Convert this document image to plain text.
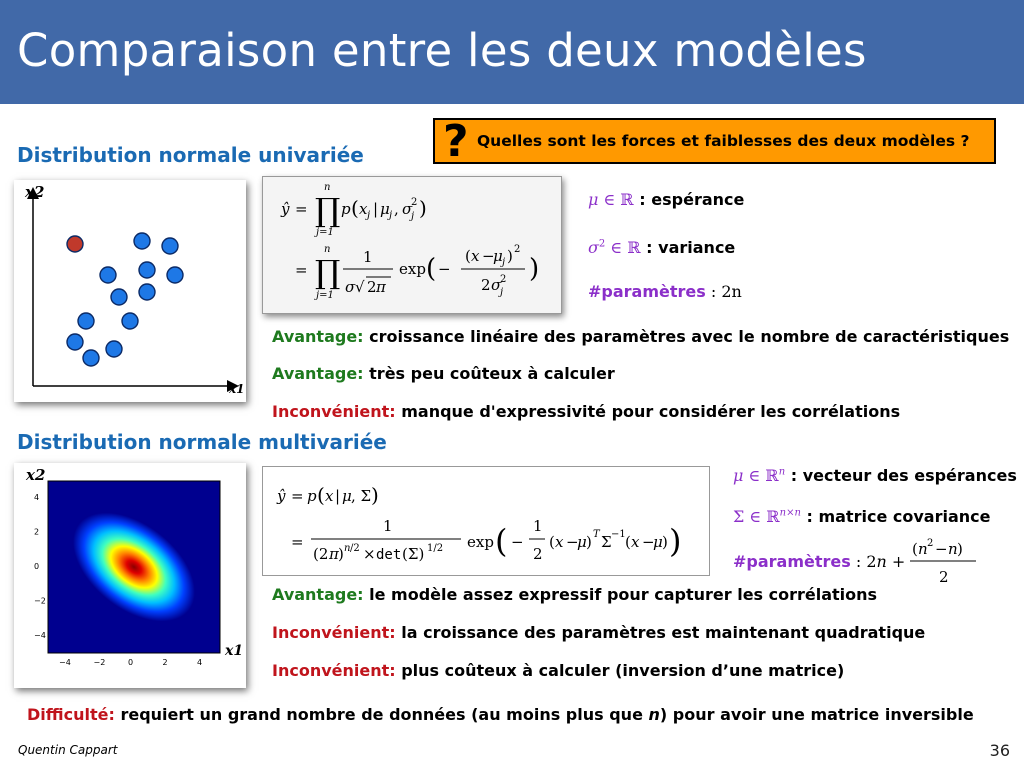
Comparaison entre les deux modèles
Distribution normale univariée ? Quelles sont les forces et faiblesses des deux modèles ?
x2
x1
ŷ = ∏
n
j=1
p ( x j | μ j , σ
2
j )
= ∏
n
j=1
1
σ √ 2 π
exp ( −
( x −
μ j ) 2
2 σ
2
j
)
μ ∈ ℝ : espérance
$\sigma^2$ ∈ ℝ : variance
#paramètres : 2n
Avantage: croissance linéaire des paramètres avec le nombre de caractéristiques
Avantage: très peu coûteux à calculer
Inconvénient: manque d'expressivité pour considérer les corrélations
Distribution normale multivariée
−4	−2	0	2	4
4
2
0
−2
−4
x2
x1
ŷ = p ( x | μ , Σ )
=
1
(2 π ) n /2 × det (Σ) 1/2 exp ( −
1
2
( x −
μ ) T Σ −1 ( x −
μ ) )
μ ∈ ℝ$^n$ : vecteur des espérances
Σ ∈ ℝ$^{n\times n}$ : matrice covariance
#paramètres : 2n +
( n 2 − n )
2
Avantage: le modèle assez expressif pour capturer les corrélations
Inconvénient: la croissance des paramètres est maintenant quadratique
Inconvénient: plus coûteux à calculer (inversion d’une matrice)
Difficulté: requiert un grand nombre de données (au moins plus que n) pour avoir une matrice inversible
Quentin Cappart	36
